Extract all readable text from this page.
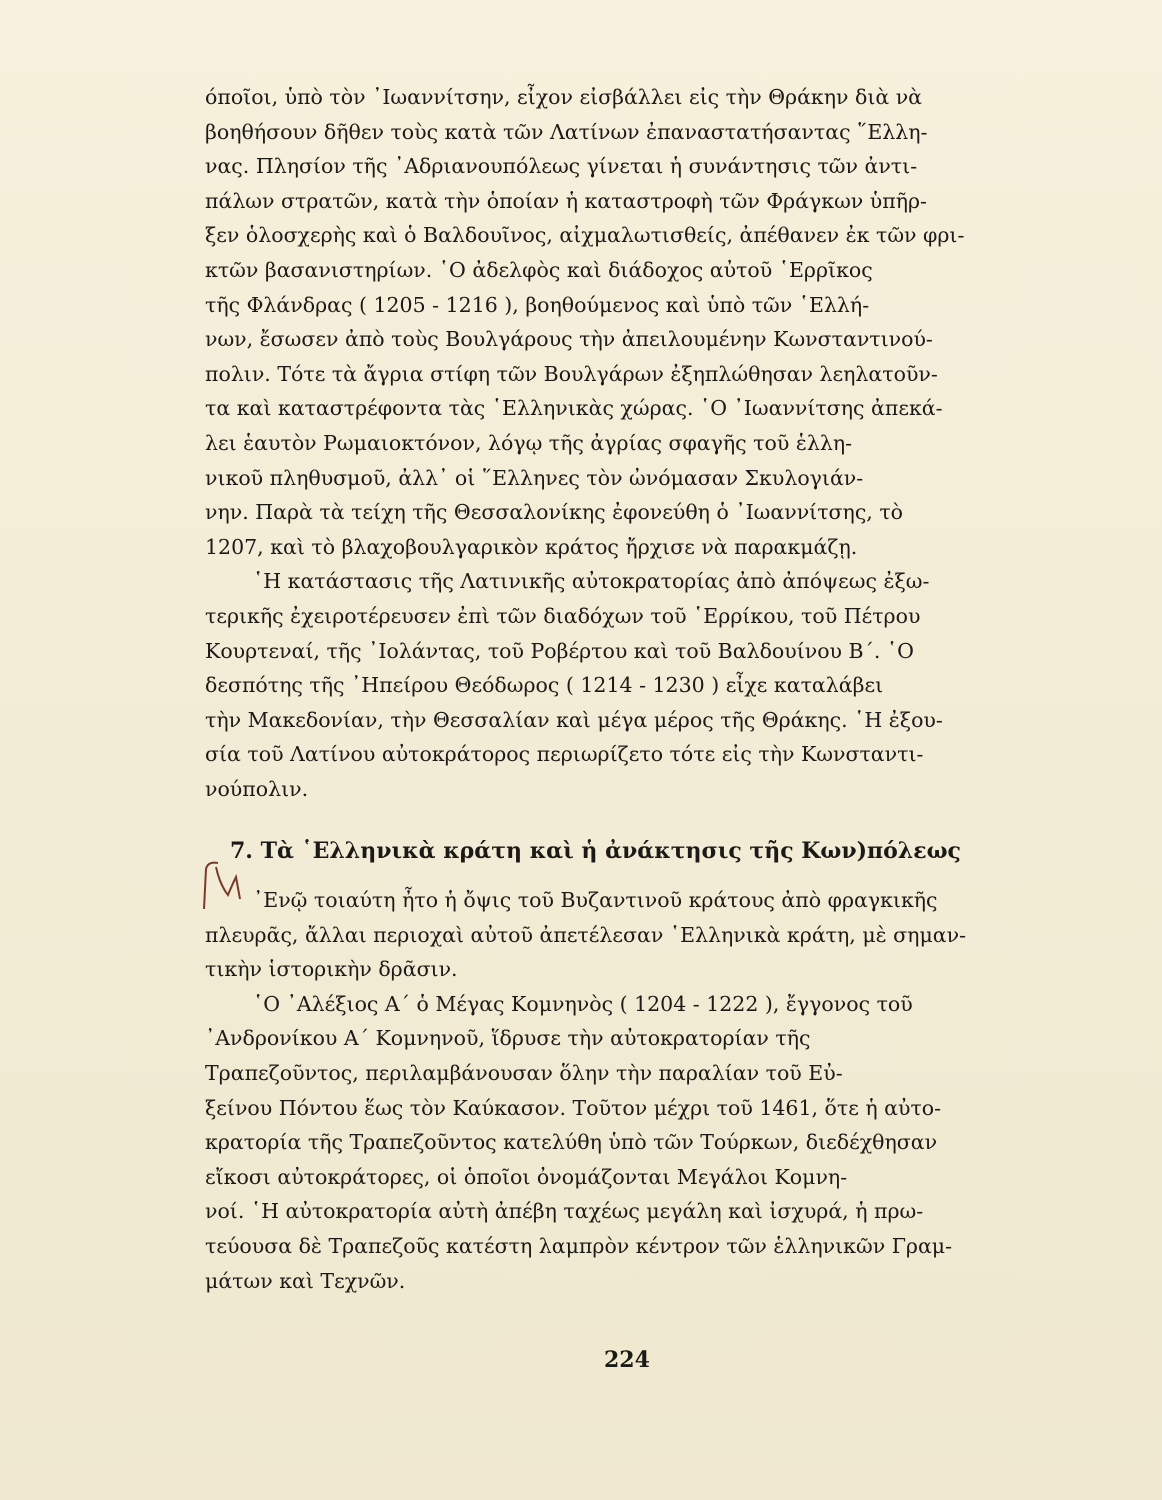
όποῖοι, ὑπὸ τὸν ᾿Ιωαννίτσην, εἶχον εἰσβάλλει εἰς τὴν Θράκην διὰ νὰ
βοηθήσουν δῆθεν τοὺς κατὰ τῶν Λατίνων ἐπαναστατήσαντας ῞Ελλη-
νας. Πλησίον τῆς ᾿Αδριανουπόλεως γίνεται ἡ συνάντησις τῶν ἀντι-
πάλων στρατῶν, κατὰ τὴν ὁποίαν ἡ καταστροφὴ τῶν Φράγκων ὑπῆρ-
ξεν ὁλοσχερὴς καὶ ὁ Βαλδουῖνος, αἰχμαλωτισθείς, ἀπέθανεν ἐκ τῶν φρι-
κτῶν βασανιστηρίων. ῾Ο ἀδελφὸς καὶ διάδοχος αὐτοῦ ῾Ερρῖκος
τῆς Φλάνδρας ( 1205 - 1216 ), βοηθούμενος καὶ ὑπὸ τῶν ῾Ελλή-
νων, ἔσωσεν ἀπὸ τοὺς Βουλγάρους τὴν ἀπειλουμένην Κωνσταντινού-
πολιν. Τότε τὰ ἄγρια στίφη τῶν Βουλγάρων ἐξηπλώθησαν λεηλατοῦν-
τα καὶ καταστρέφοντα τὰς ῾Ελληνικὰς χώρας. ῾Ο ᾿Ιωαννίτσης ἀπεκά-
λει ἑαυτὸν Ρωμαιοκτόνον, λόγῳ τῆς ἀγρίας σφαγῆς τοῦ ἑλλη-
νικοῦ πληθυσμοῦ, ἀλλ᾿ οἱ ῞Ελληνες τὸν ὠνόμασαν Σκυλογιάν-
νην. Παρὰ τὰ τείχη τῆς Θεσσαλονίκης ἐφονεύθη ὁ ᾿Ιωαννίτσης, τὸ
1207, καὶ τὸ βλαχοβουλγαρικὸν κράτος ἤρχισε νὰ παρακμάζῃ.

῾Η κατάστασις τῆς Λατινικῆς αὐτοκρατορίας ἀπὸ ἀπόψεως ἐξω-
τερικῆς ἐχειροτέρευσεν ἐπὶ τῶν διαδόχων τοῦ ῾Ερρίκου, τοῦ Πέτρου
Κουρτεναί, τῆς ᾿Ιολάντας, τοῦ Ροβέρτου καὶ τοῦ Βαλδουίνου Β΄. ῾Ο
δεσπότης τῆς ᾿Ηπείρου Θεόδωρος ( 1214 - 1230 ) εἶχε καταλάβει
τὴν Μακεδονίαν, τὴν Θεσσαλίαν καὶ μέγα μέρος τῆς Θράκης. ῾Η ἐξου-
σία τοῦ Λατίνου αὐτοκράτορος περιωρίζετο τότε εἰς τὴν Κωνσταντι-
νούπολιν.

7. Τὰ ῾Ελληνικὰ κράτη καὶ ἡ ἀνάκτησις τῆς Κων)πόλεως

᾿Ενῷ τοιαύτη ἦτο ἡ ὄψις τοῦ Βυζαντινοῦ κράτους ἀπὸ φραγκικῆς
πλευρᾶς, ἄλλαι περιοχαὶ αὐτοῦ ἀπετέλεσαν ῾Ελληνικὰ κράτη, μὲ σημαν-
τικὴν ἱστορικὴν δρᾶσιν.

῾Ο ᾿Αλέξιος Α΄ ὁ Μέγας Κομνηνὸς ( 1204 - 1222 ), ἔγγονος τοῦ
᾿Ανδρονίκου Α΄ Κομνηνοῦ, ἵδρυσε τὴν αὐτοκρατορίαν τῆς
Τραπεζοῦντος, περιλαμβάνουσαν ὅλην τὴν παραλίαν τοῦ Εὐ-
ξείνου Πόντου ἕως τὸν Καύκασον. Τοῦτον μέχρι τοῦ 1461, ὅτε ἡ αὐτο-
κρατορία τῆς Τραπεζοῦντος κατελύθη ὑπὸ τῶν Τούρκων, διεδέχθησαν
εἴκοσι αὐτοκράτορες, οἱ ὁποῖοι ὀνομάζονται Μεγάλοι Κομνη-
νοί. ῾Η αὐτοκρατορία αὐτὴ ἀπέβη ταχέως μεγάλη καὶ ἰσχυρά, ἡ πρω-
τεύουσα δὲ Τραπεζοῦς κατέστη λαμπρὸν κέντρον τῶν ἑλληνικῶν Γραμ-
μάτων καὶ Τεχνῶν.

224
